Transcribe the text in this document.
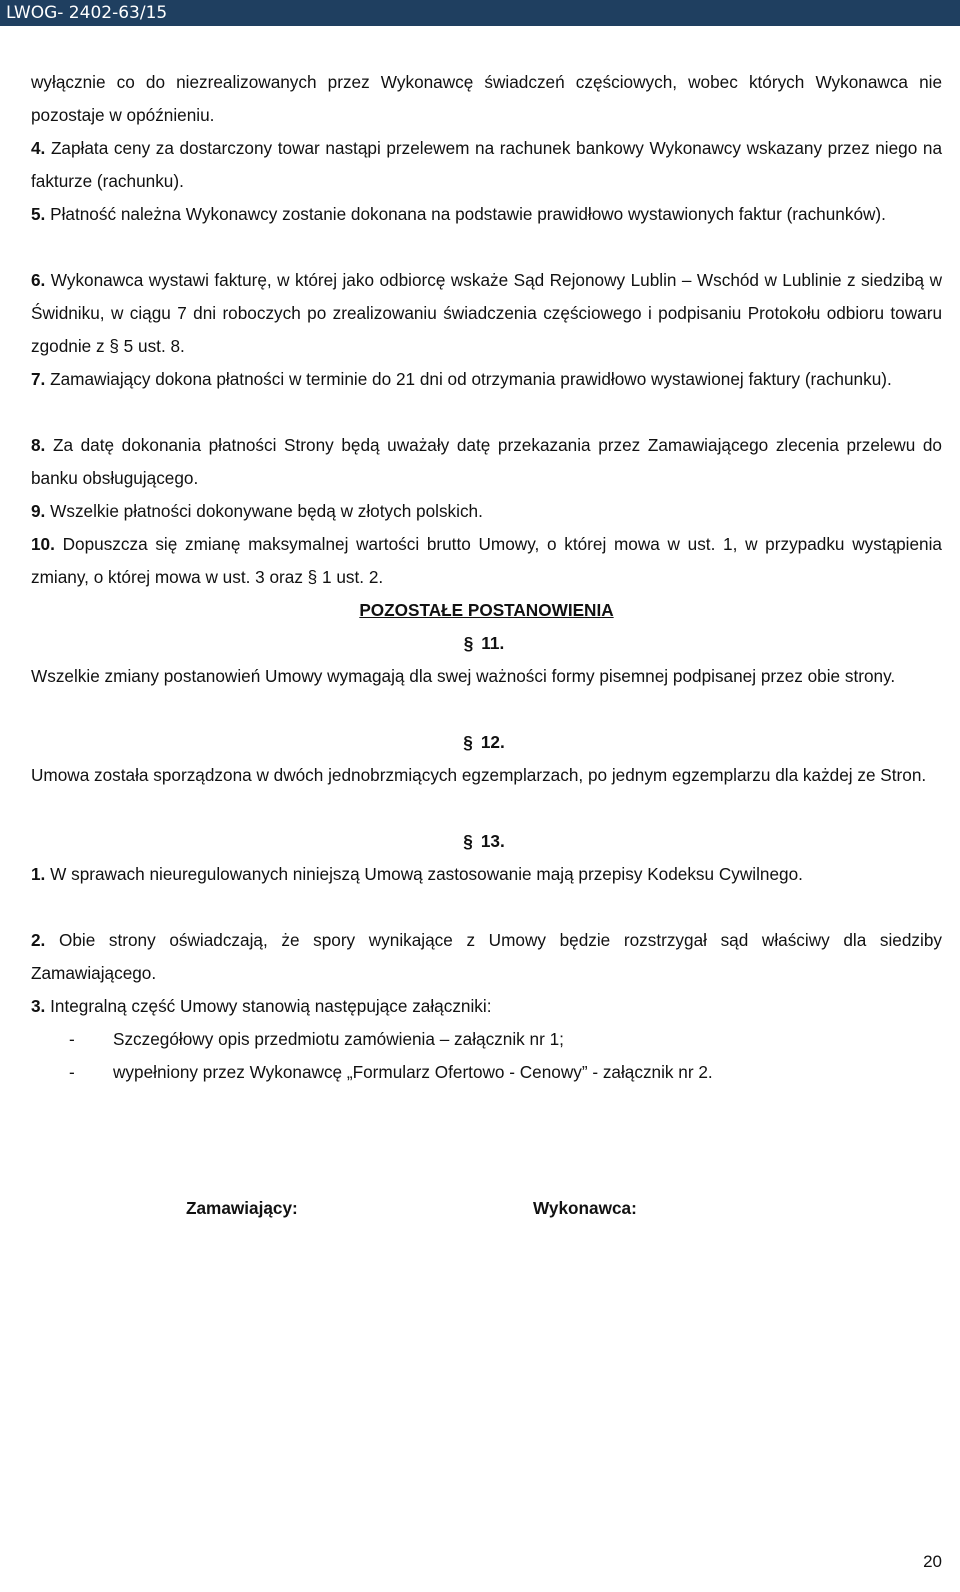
LWOG- 2402-63/15

wyłącznie co do niezrealizowanych przez Wykonawcę świadczeń częściowych, wobec których Wykonawca nie pozostaje w opóźnieniu.

4. Zapłata ceny za dostarczony towar nastąpi przelewem na rachunek bankowy Wykonawcy wskazany przez niego na fakturze (rachunku).

5. Płatność należna Wykonawcy zostanie dokonana na podstawie prawidłowo wystawionych faktur (rachunków).

6. Wykonawca wystawi fakturę, w której jako odbiorcę wskaże Sąd Rejonowy Lublin – Wschód w Lublinie z siedzibą w Świdniku, w ciągu 7 dni roboczych po zrealizowaniu świadczenia częściowego i podpisaniu Protokołu odbioru towaru zgodnie z § 5 ust. 8.

7. Zamawiający dokona płatności w terminie do 21 dni od otrzymania prawidłowo wystawionej faktury (rachunku).

8. Za datę dokonania płatności Strony będą uważały datę przekazania przez Zamawiającego zlecenia przelewu do banku obsługującego.

9. Wszelkie płatności dokonywane będą w złotych polskich.

10. Dopuszcza się zmianę maksymalnej wartości brutto Umowy, o której mowa w ust. 1, w przypadku wystąpienia zmiany, o której mowa w ust. 3 oraz § 1 ust. 2.

POZOSTAŁE POSTANOWIENIA
§ 11.

Wszelkie zmiany postanowień Umowy wymagają dla swej ważności formy pisemnej podpisanej przez obie strony.

§ 12.

Umowa została sporządzona w dwóch jednobrzmiących egzemplarzach, po jednym egzemplarzu dla każdej ze Stron.

§ 13.

1. W sprawach nieuregulowanych niniejszą Umową zastosowanie mają przepisy Kodeksu Cywilnego.

2. Obie strony oświadczają, że spory wynikające z Umowy będzie rozstrzygał sąd właściwy dla siedziby Zamawiającego.

3. Integralną część Umowy stanowią następujące załączniki:

- Szczegółowy opis przedmiotu zamówienia – załącznik nr 1;
- wypełniony przez Wykonawcę „Formularz Ofertowo - Cenowy” - załącznik nr 2.
Zamawiający:	Wykonawca:
20
